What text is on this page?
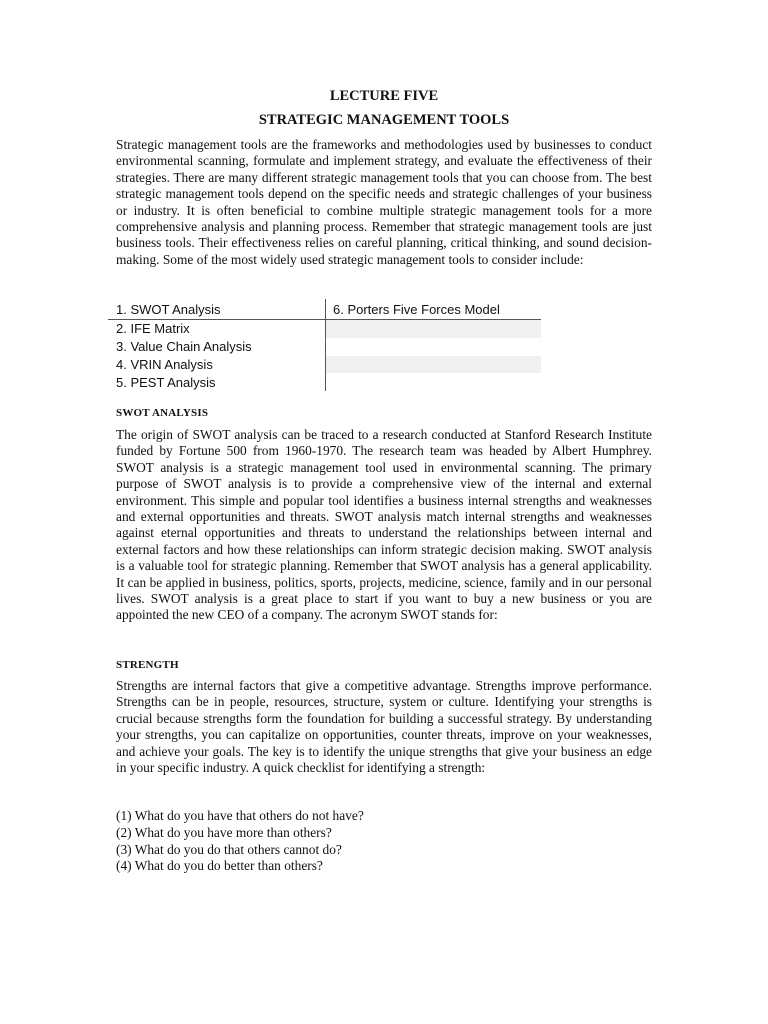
LECTURE FIVE
STRATEGIC MANAGEMENT TOOLS

Strategic management tools are the frameworks and methodologies used by businesses to conduct environmental scanning, formulate and implement strategy, and evaluate the effectiveness of their strategies. There are many different strategic management tools that you can choose from. The best strategic management tools depend on the specific needs and strategic challenges of your business or industry. It is often beneficial to combine multiple strategic management tools for a more comprehensive analysis and planning process. Remember that strategic management tools are just business tools. Their effectiveness relies on careful planning, critical thinking, and sound decision-making. Some of the most widely used strategic management tools to consider include:

1. SWOT Analysis	6. Porters Five Forces Model
2. IFE Matrix	
3. Value Chain Analysis	
4. VRIN Analysis	
5. PEST Analysis	
SWOT ANALYSIS

The origin of SWOT analysis can be traced to a research conducted at Stanford Research Institute funded by Fortune 500 from 1960-1970. The research team was headed by Albert Humphrey. SWOT analysis is a strategic management tool used in environmental scanning. The primary purpose of SWOT analysis is to provide a comprehensive view of the internal and external environment. This simple and popular tool identifies a business internal strengths and weaknesses and external opportunities and threats. SWOT analysis match internal strengths and weaknesses against eternal opportunities and threats to understand the relationships between internal and external factors and how these relationships can inform strategic decision making. SWOT analysis is a valuable tool for strategic planning. Remember that SWOT analysis has a general applicability. It can be applied in business, politics, sports, projects, medicine, science, family and in our personal lives. SWOT analysis is a great place to start if you want to buy a new business or you are appointed the new CEO of a company. The acronym SWOT stands for:

STRENGTH

Strengths are internal factors that give a competitive advantage. Strengths improve performance. Strengths can be in people, resources, structure, system or culture. Identifying your strengths is crucial because strengths form the foundation for building a successful strategy. By understanding your strengths, you can capitalize on opportunities, counter threats, improve on your weaknesses, and achieve your goals. The key is to identify the unique strengths that give your business an edge in your specific industry. A quick checklist for identifying a strength:

(1) What do you have that others do not have?
(2) What do you have more than others?
(3) What do you do that others cannot do?
(4) What do you do better than others?
